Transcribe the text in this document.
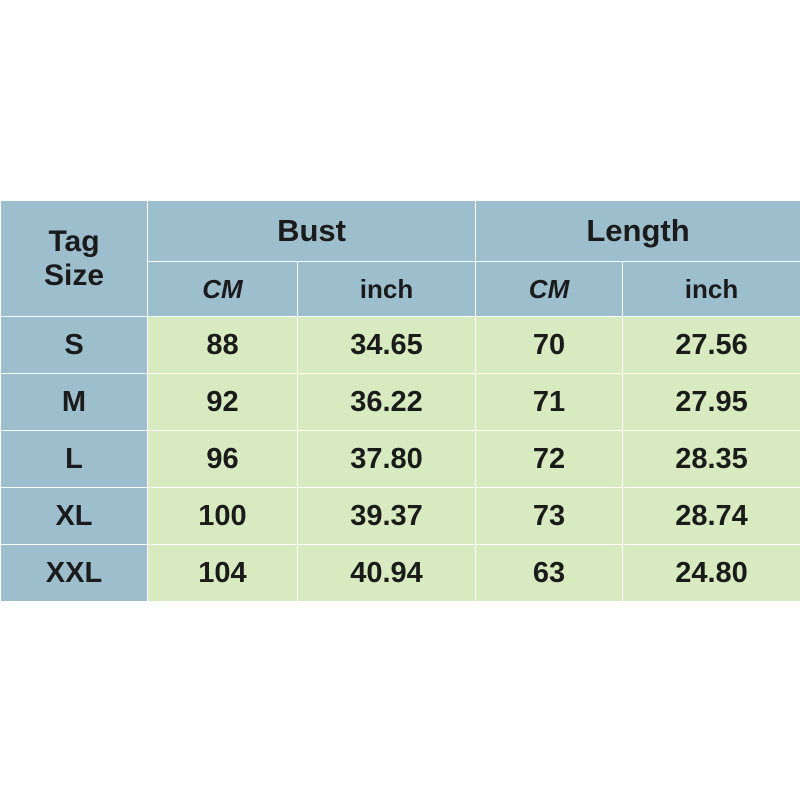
Tag
Size	Bust		Length	
	CM	inch	CM	inch
S	88	34.65	70	27.56
M	92	36.22	71	27.95
L	96	37.80	72	28.35
XL	100	39.37	73	28.74
XXL	104	40.94	63	24.80
